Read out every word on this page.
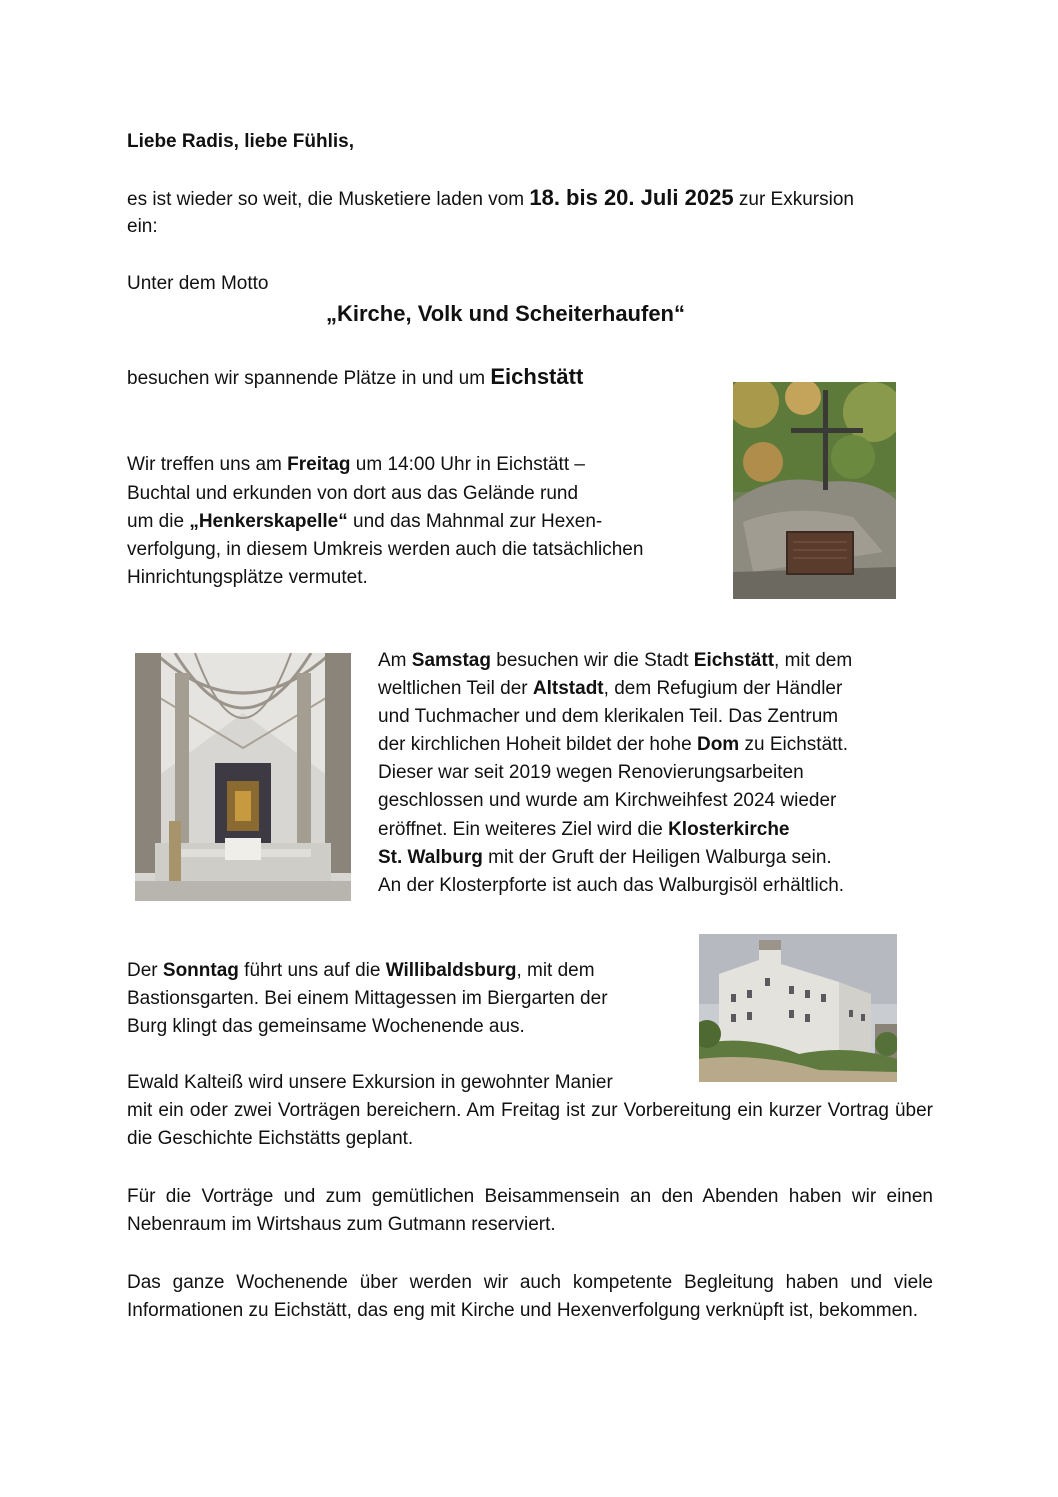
Liebe Radis, liebe Fühlis,

es ist wieder so weit, die Musketiere laden vom 18. bis 20. Juli 2025 zur Exkursion

ein:

Unter dem Motto

„Kirche, Volk und Scheiterhaufen“

besuchen wir spannende Plätze in und um Eichstätt

Wir treffen uns am Freitag um 14:00 Uhr in Eichstätt –

Buchtal und erkunden von dort aus das Gelände rund

um die „Henkerskapelle“ und das Mahnmal zur Hexen-

verfolgung, in diesem Umkreis werden auch die tatsächlichen

Hinrichtungsplätze vermutet.

Am Samstag besuchen wir die Stadt Eichstätt, mit dem

weltlichen Teil der Altstadt, dem Refugium der Händler

und Tuchmacher und dem klerikalen Teil. Das Zentrum

der kirchlichen Hoheit bildet der hohe Dom zu Eichstätt.

Dieser war seit 2019 wegen Renovierungsarbeiten

geschlossen und wurde am Kirchweihfest 2024 wieder

eröffnet. Ein weiteres Ziel wird die Klosterkirche

St. Walburg mit der Gruft der Heiligen Walburga sein.

An der Klosterpforte ist auch das Walburgisöl erhältlich.

Der Sonntag führt uns auf die Willibaldsburg, mit dem

Bastionsgarten. Bei einem Mittagessen im Biergarten der

Burg klingt das gemeinsame Wochenende aus.

Ewald Kalteiß wird unsere Exkursion in gewohnter Manier

mit ein oder zwei Vorträgen bereichern. Am Freitag ist zur Vorbereitung ein kurzer Vortrag über die Geschichte Eichstätts geplant.

Für die Vorträge und zum gemütlichen Beisammensein an den Abenden haben wir einen Nebenraum im Wirtshaus zum Gutmann reserviert.

Das ganze Wochenende über werden wir auch kompetente Begleitung haben und viele Informationen zu Eichstätt, das eng mit Kirche und Hexenverfolgung verknüpft ist, bekommen.
